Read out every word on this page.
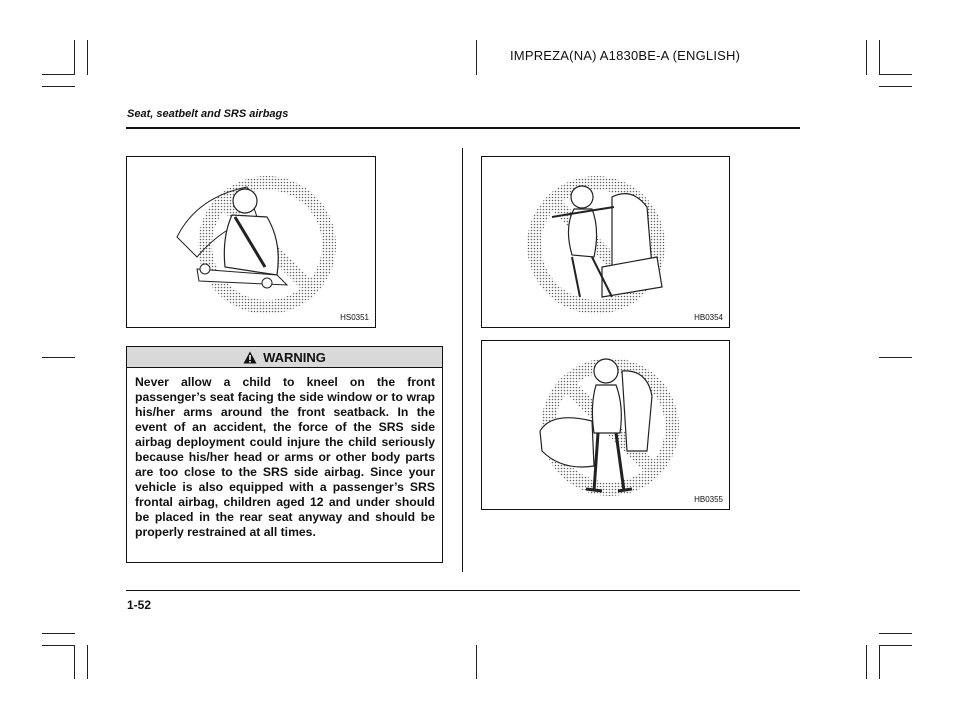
IMPREZA(NA) A1830BE-A (ENGLISH)
Seat, seatbelt and SRS airbags
HS0351	HB0354
HB0355
WARNING
Never allow a child to kneel on the front passenger’s seat facing the side window or to wrap his/her arms around the front seatback. In the event of an accident, the force of the SRS side airbag deployment could injure the child seriously because his/her head or arms or other body parts are too close to the SRS side airbag. Since your vehicle is also equipped with a passenger’s SRS frontal airbag, children aged 12 and under should be placed in the rear seat anyway and should be properly restrained at all times.
1-52
